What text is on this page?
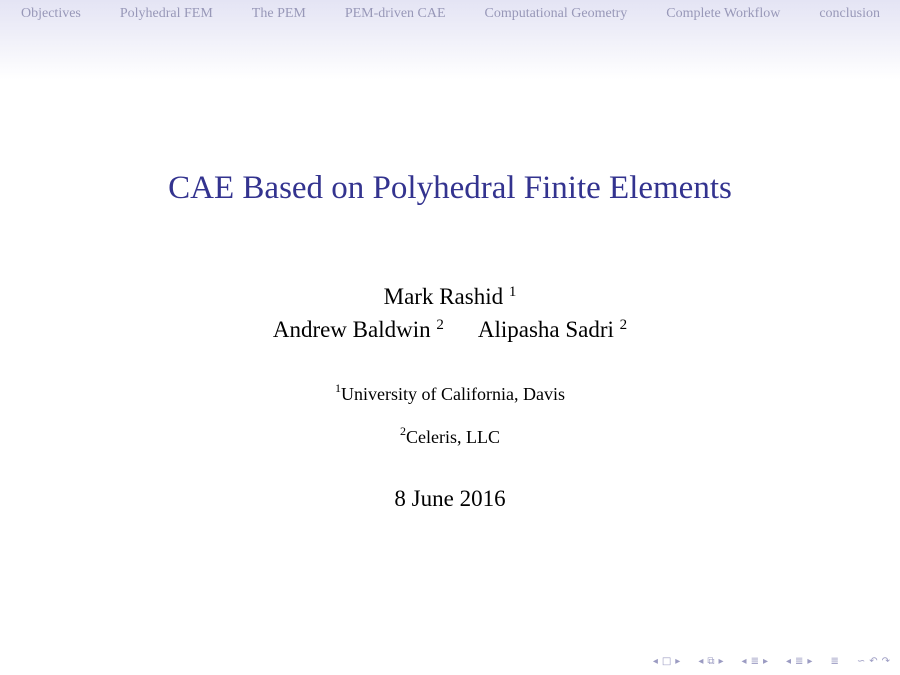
Objectives	Polyhedral FEM	The PEM	PEM-driven CAE	Computational Geometry	Complete Workflow	conclusion
CAE Based on Polyhedral Finite Elements
Mark Rashid $^1$
Andrew Baldwin $^2$ Alipasha Sadri $^2$
$^1$University of California, Davis
$^2$Celeris, LLC
8 June 2016
◂ □ ▸ ◂ ⧉ ▸ ◂ ≣ ▸ ◂ ≣ ▸ ≣ ∽ ↶ ↷
